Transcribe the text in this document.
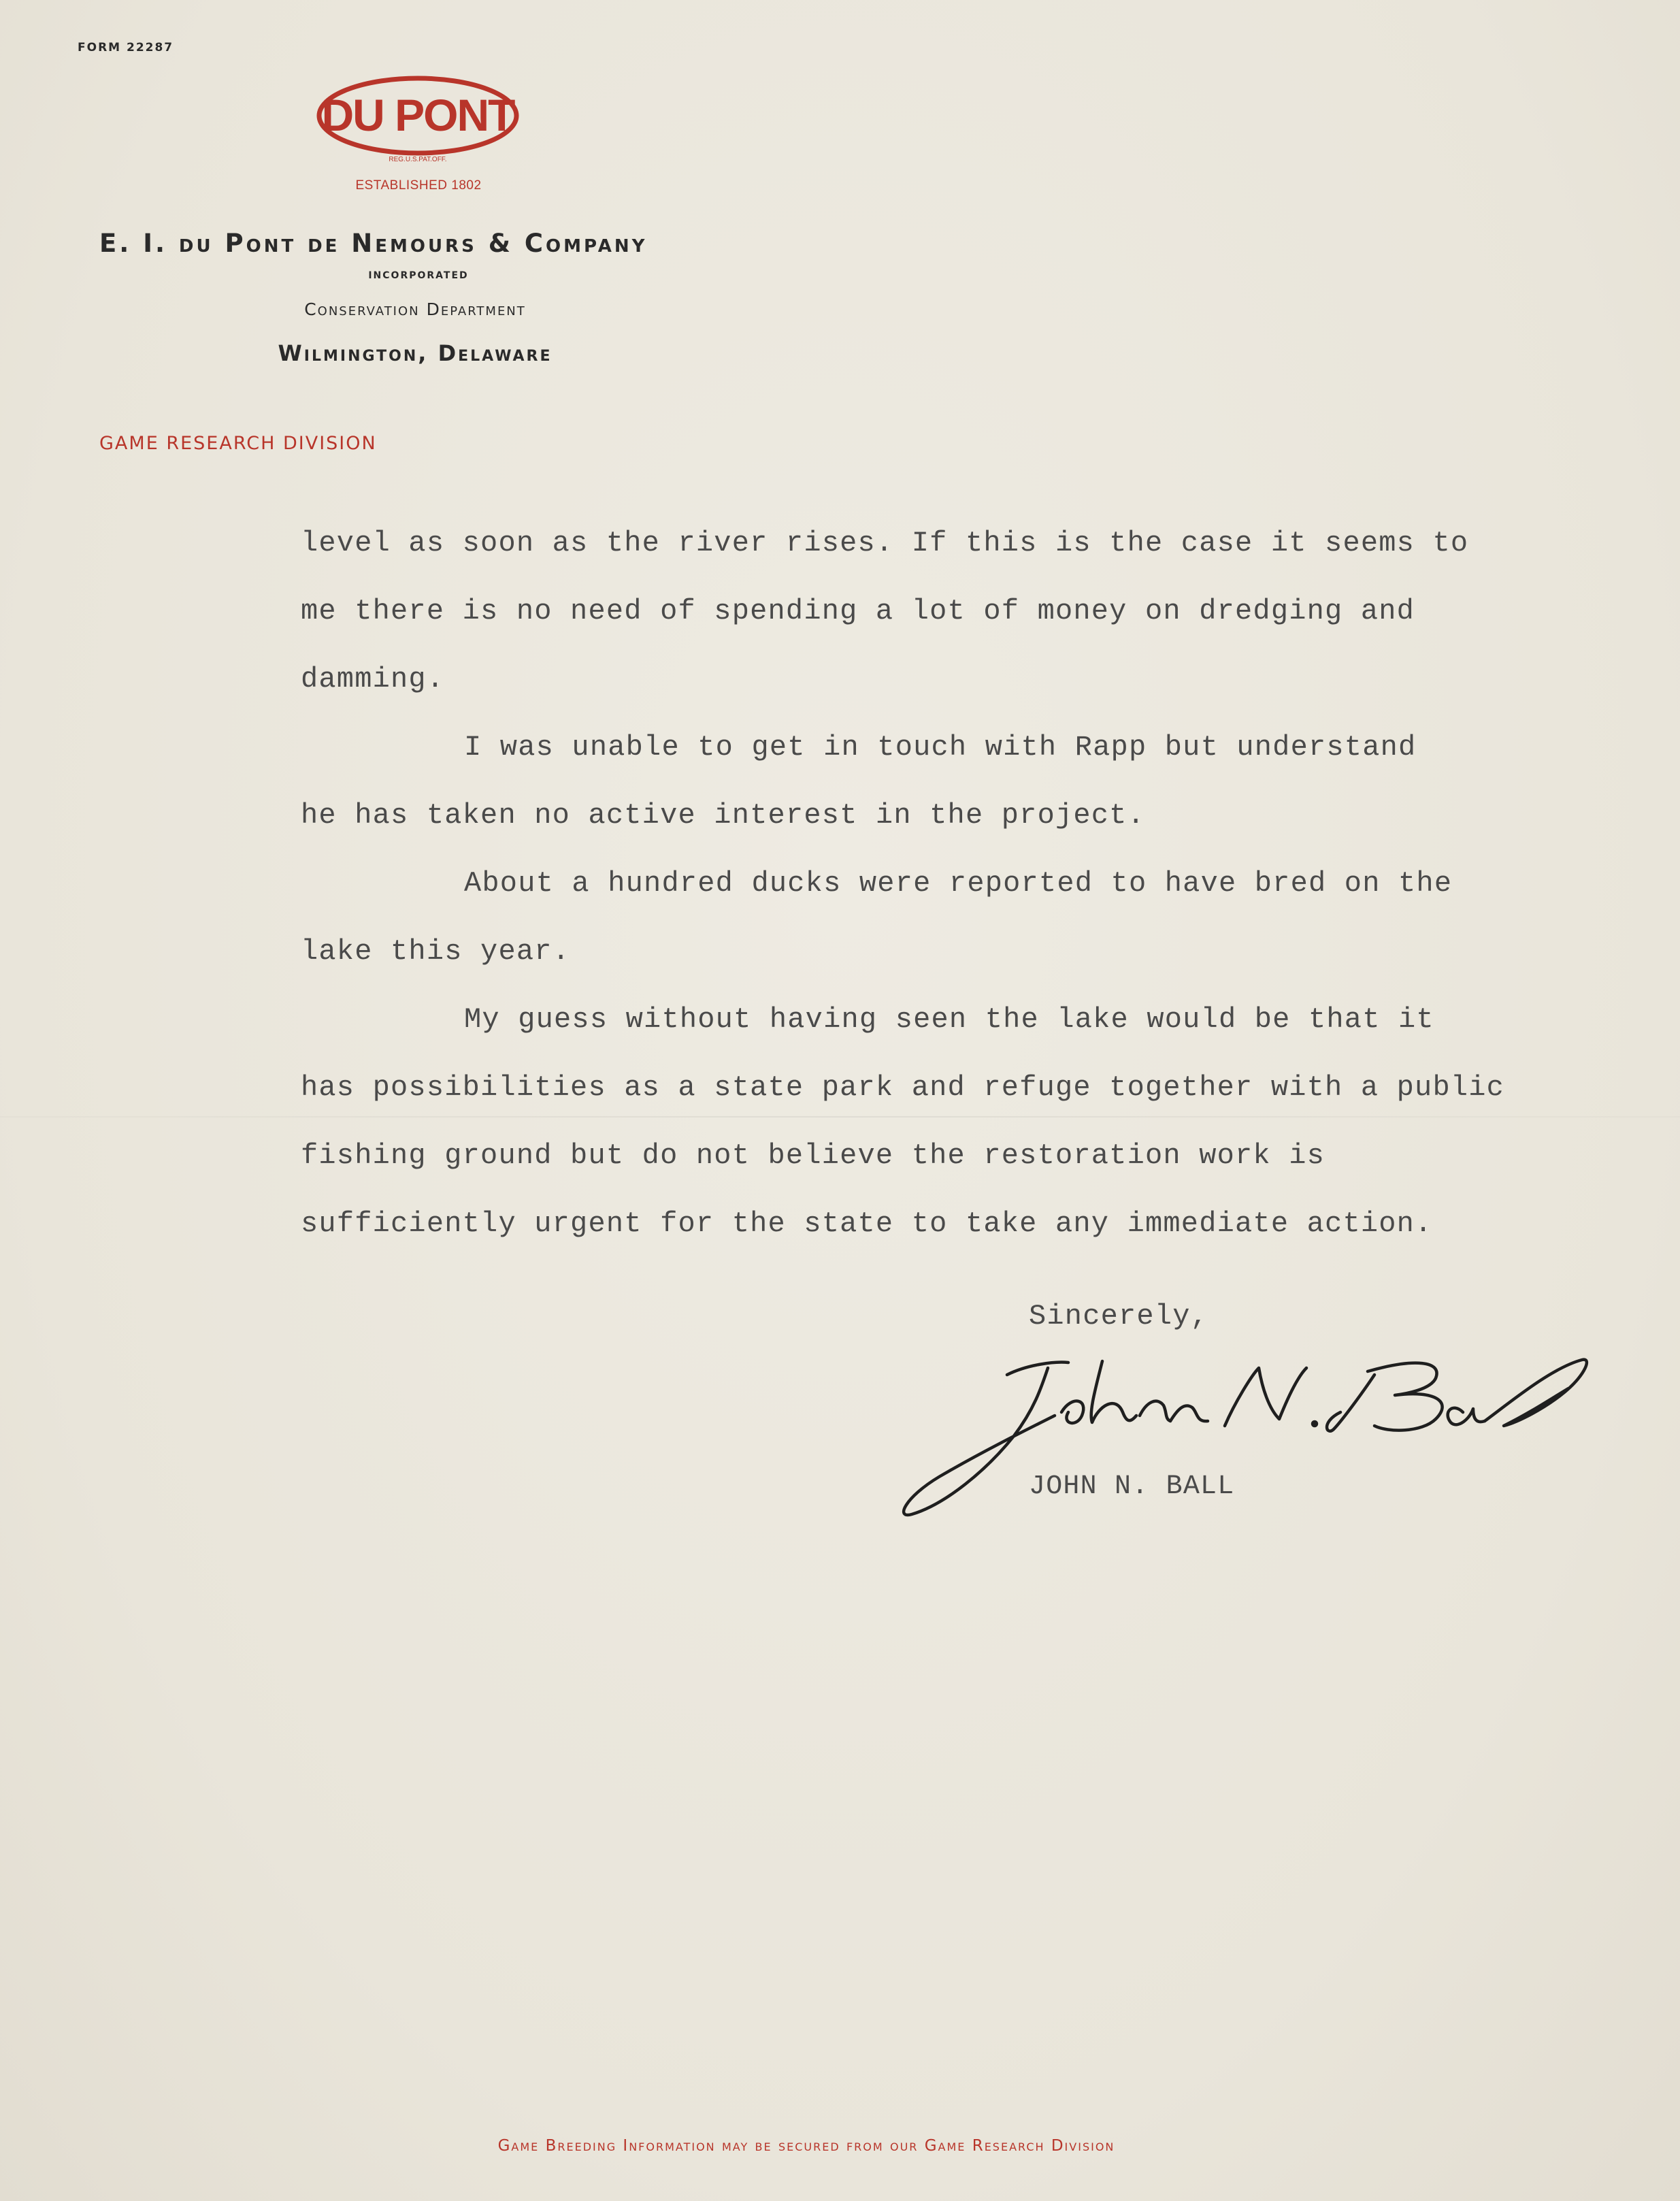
FORM 22287
DU PONT
REG.U.S.PAT.OFF.
ESTABLISHED 1802
E. I. du Pont de Nemours & Company
INCORPORATED
Conservation Department
Wilmington, Delaware
GAME RESEARCH DIVISION
level as soon as the river rises. If this is the case it seems to
me there is no need of spending a lot of money on dredging and
damming.
I was unable to get in touch with Rapp but understand
he has taken no active interest in the project.
About a hundred ducks were reported to have bred on the
lake this year.
My guess without having seen the lake would be that it
has possibilities as a state park and refuge together with a public
fishing ground but do not believe the restoration work is
sufficiently urgent for the state to take any immediate action.
Sincerely,
JOHN N. BALL
Game Breeding Information may be secured from our Game Research Division
